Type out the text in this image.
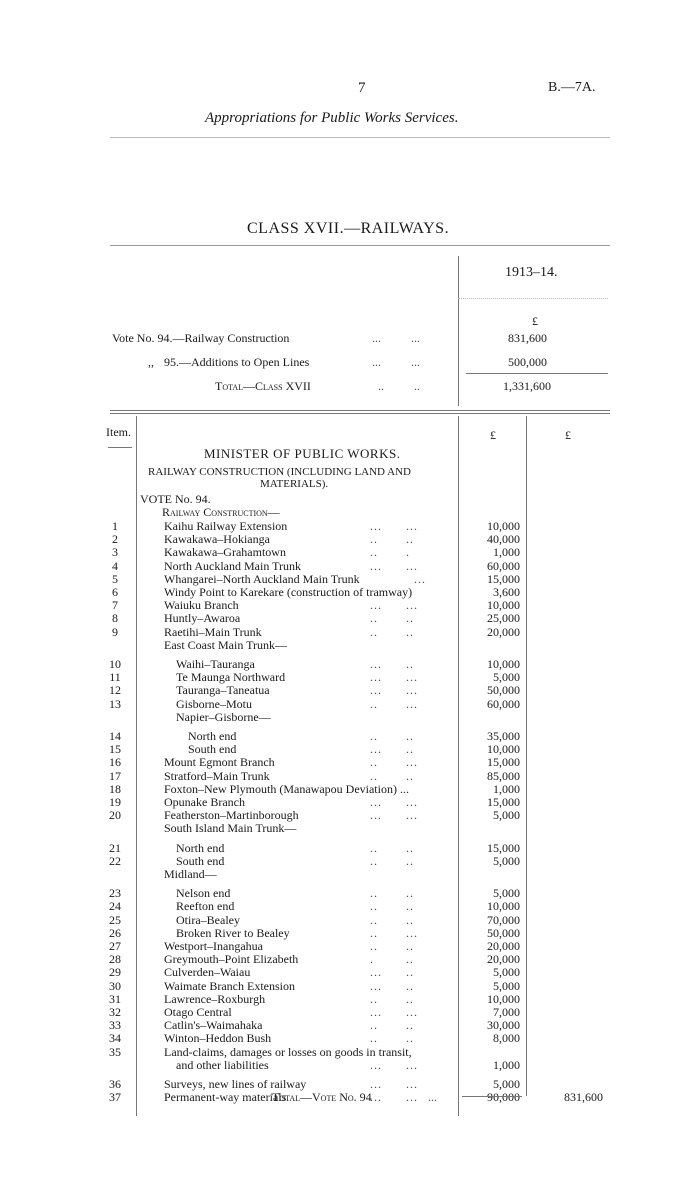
7	B.—7A.
Appropriations for Public Works Services.
CLASS XVII.—RAILWAYS.
1913–14.
£
Vote No. 94.—Railway Construction	...          ...	831,600
,, 95.—Additions to Open Lines	...          ...	500,000
Total—Class XVII	..          ..	1,331,600
Item.	£	£
MINISTER OF PUBLIC WORKS.
RAILWAY CONSTRUCTION (INCLUDING LAND AND
MATERIALS).
VOTE No. 94.
Railway Construction—
1	Kaihu Railway Extension	...      ...	10,000
2	Kawakawa–Hokianga	..       ..	40,000
3	Kawakawa–Grahamtown	..       .	1,000
4	North Auckland Main Trunk	...      ...	60,000
5	Whangarei–North Auckland Main Trunk ...	15,000
6	Windy Point to Karekare (construction of tramway)	3,600
7	Waiuku Branch	...      ...	10,000
8	Huntly–Awaroa	..       ..	25,000
9	Raetihi–Main Trunk	..       ..	20,000
East Coast Main Trunk—
10	Waihi–Tauranga	...      ..	10,000
11	Te Maunga Northward	...      ...	5,000
12	Tauranga–Taneatua	...      ...	50,000
13	Gisborne–Motu	..       ...	60,000
Napier–Gisborne—
14	North end	..       ..	35,000
15	South end	...      ..	10,000
16	Mount Egmont Branch	..       ...	15,000
17	Stratford–Main Trunk	..       ..	85,000
18	Foxton–New Plymouth (Manawapou Deviation) ...	1,000
19	Opunake Branch	...      ...	15,000
20	Featherston–Martinborough	...      ...	5,000
South Island Main Trunk—
21	North end	..       ..	15,000
22	South end	..       ..	5,000
Midland—
23	Nelson end	..       ..	5,000
24	Reefton end	..       ..	10,000
25	Otira–Bealey	..       ..	70,000
26	Broken River to Bealey	..       ...	50,000
27	Westport–Inangahua	..       ..	20,000
28	Greymouth–Point Elizabeth	.        ..	20,000
29	Culverden–Waiau	...      ..	5,000
30	Waimate Branch Extension	...      ..	5,000
31	Lawrence–Roxburgh	..       ..	10,000
32	Otago Central	...      ...	7,000
33	Catlin's–Waimahaka	..       ..	30,000
34	Winton–Heddon Bush	..       ..	8,000
35	Land-claims, damages or losses on goods in transit,
and other liabilities	...      ...	1,000
36	Surveys, new lines of railway	...      ...	5,000
37	Permanent-way materials	...      ...	90,000
Total—Vote No. 94	...	831,600
